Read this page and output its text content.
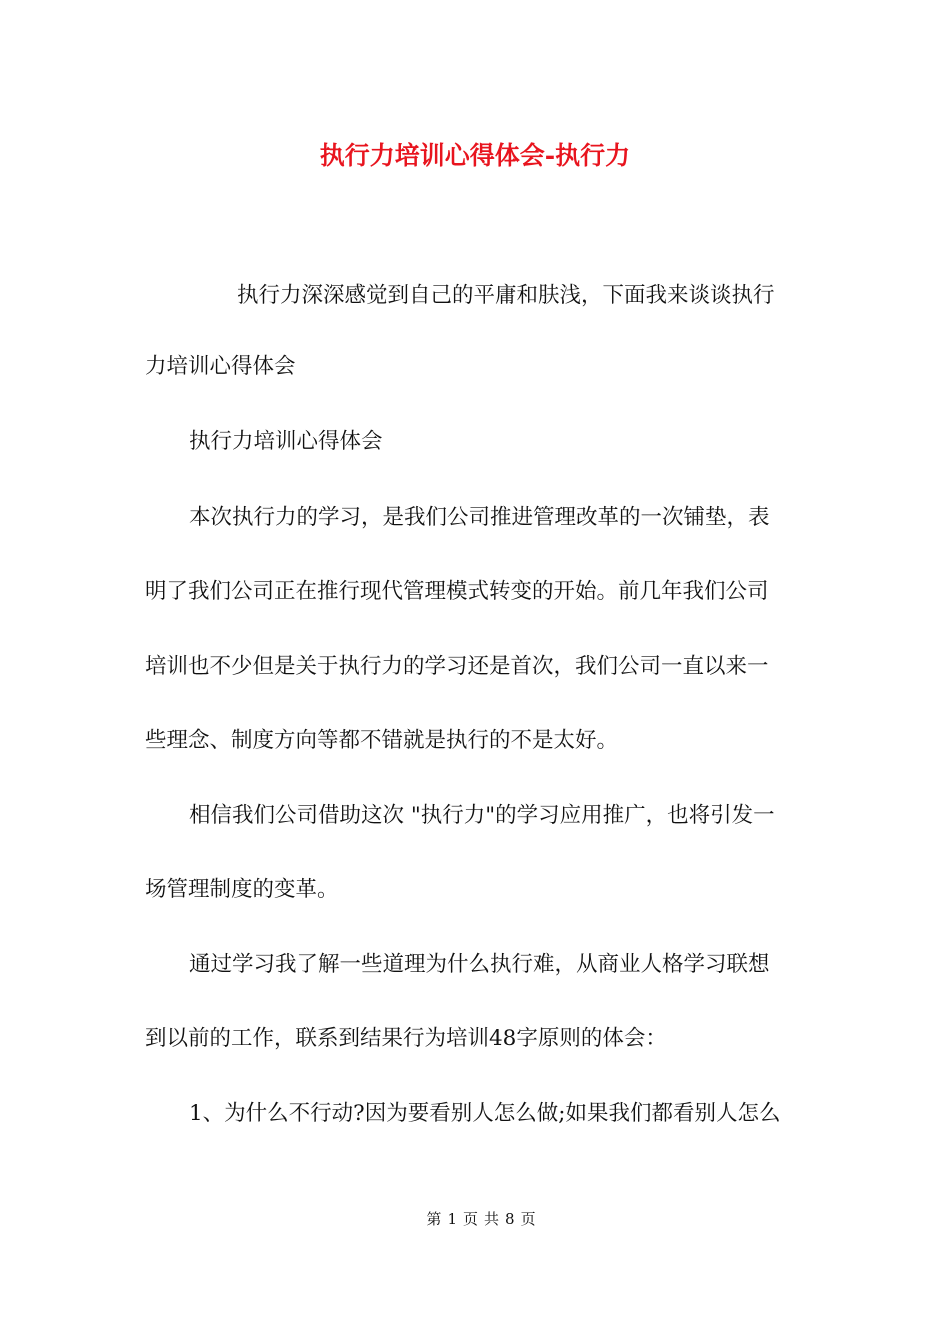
执行力培训心得体会-执行力
执行力深深感觉到自己的平庸和肤浅，下面我来谈谈执行
力培训心得体会
执行力培训心得体会
本次执行力的学习，是我们公司推进管理改革的一次铺垫，表
明了我们公司正在推行现代管理模式转变的开始。前几年我们公司
培训也不少但是关于执行力的学习还是首次，我们公司一直以来一
些理念、制度方向等都不错就是执行的不是太好。
相信我们公司借助这次 "执行力"的学习应用推广，也将引发一
场管理制度的变革。
通过学习我了解一些道理为什么执行难，从商业人格学习联想
到以前的工作，联系到结果行为培训48字原则的体会：
1、为什么不行动?因为要看别人怎么做;如果我们都看别人怎么
第 1 页 共 8 页
